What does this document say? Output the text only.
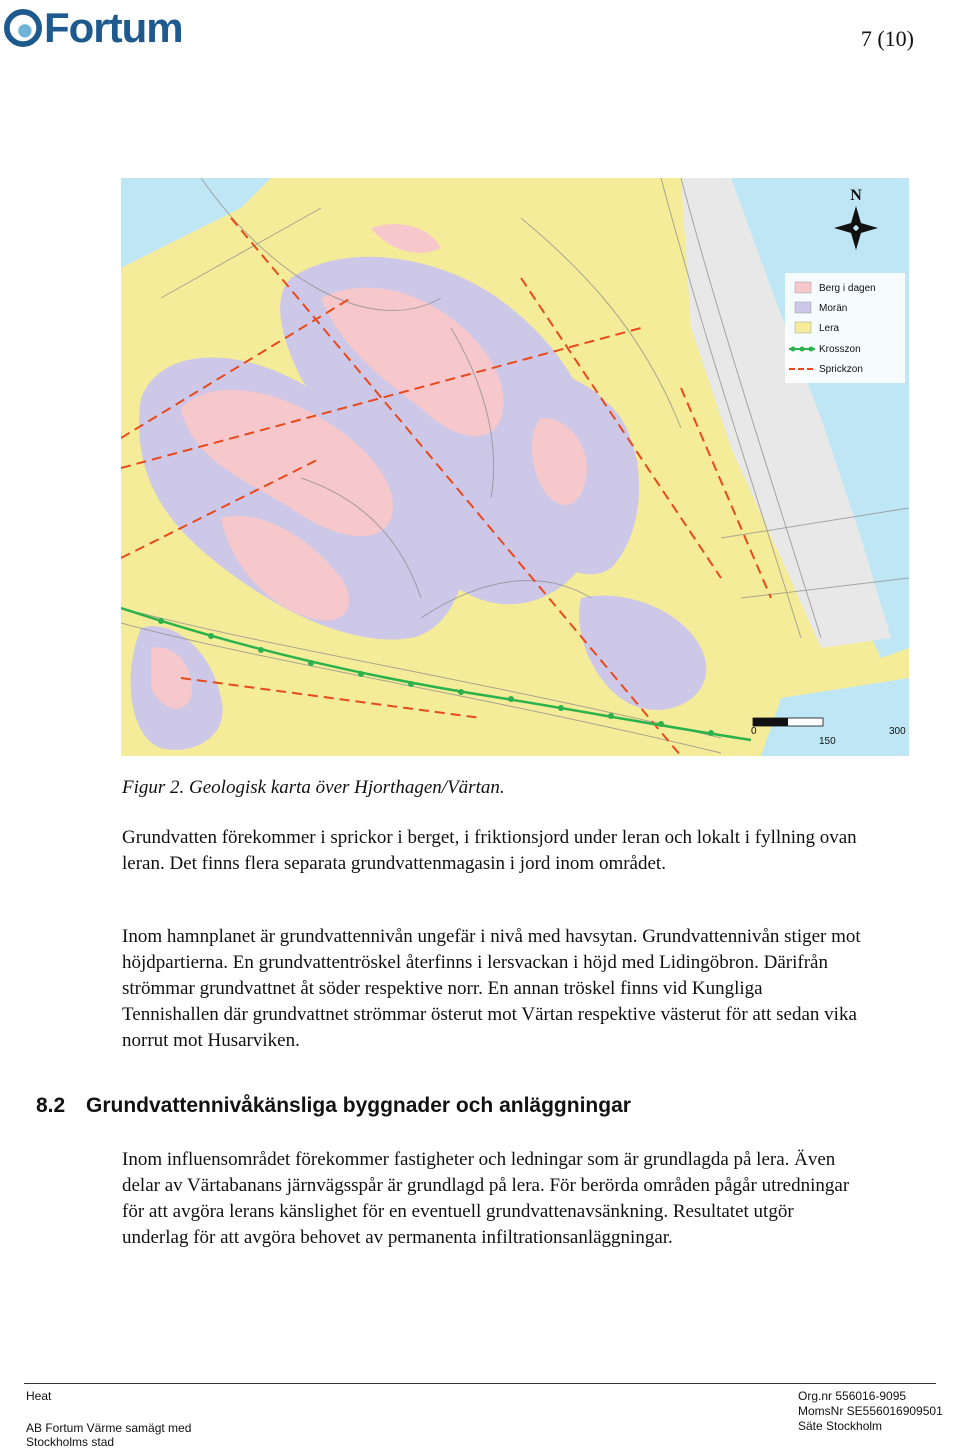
Fortum	7 (10)
N
Berg i dagen
Morän
Lera
Krosszon
Sprickzon
0
150
300
Figur 2. Geologisk karta över Hjorthagen/Värtan.

Grundvatten förekommer i sprickor i berget, i friktionsjord under leran och lokalt i fyllning ovan leran. Det finns flera separata grundvattenmagasin i jord inom området.

Inom hamnplanet är grundvattennivån ungefär i nivå med havsytan. Grundvattennivån stiger mot höjdpartierna. En grundvattentröskel återfinns i lersvackan i höjd med Lidingöbron. Därifrån strömmar grundvattnet åt söder respektive norr. En annan tröskel finns vid Kungliga Tennishallen där grundvattnet strömmar österut mot Värtan respektive västerut för att sedan vika norrut mot Husarviken.

8.2 Grundvattennivåkänsliga byggnader och anläggningar

Inom influensområdet förekommer fastigheter och ledningar som är grundlagda på lera. Även delar av Värtabanans järnvägsspår är grundlagd på lera. För berörda områden pågår utredningar för att avgöra lerans känslighet för en eventuell grundvattenavsänkning. Resultatet utgör underlag för att avgöra behovet av permanenta infiltrationsanläggningar.

Heat
AB Fortum Värme samägt med
Stockholms stad
Org.nr 556016-9095
MomsNr SE556016909501
Säte Stockholm
